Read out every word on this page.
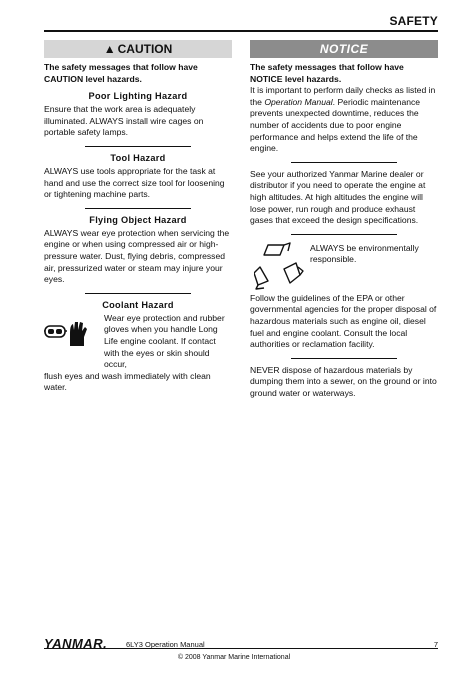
SAFETY
▲ CAUTION

The safety messages that follow have CAUTION level hazards.

Poor Lighting Hazard

Ensure that the work area is adequately illuminated. ALWAYS install wire cages on portable safety lamps.

Tool Hazard

ALWAYS use tools appropriate for the task at hand and use the correct size tool for loosening or tightening machine parts.

Flying Object Hazard

ALWAYS wear eye protection when servicing the engine or when using compressed air or high-pressure water. Dust, flying debris, compressed air, pressurized water or steam may injure your eyes.

Coolant Hazard

Wear eye protection and rubber gloves when you handle Long Life engine coolant. If contact with the eyes or skin should occur,

flush eyes and wash immediately with clean water.

NOTICE

The safety messages that follow have NOTICE level hazards.

It is important to perform daily checks as listed in the Operation Manual. Periodic maintenance prevents unexpected downtime, reduces the number of accidents due to poor engine performance and helps extend the life of the engine.

See your authorized Yanmar Marine dealer or distributor if you need to operate the engine at high altitudes. At high altitudes the engine will lose power, run rough and produce exhaust gases that exceed the design specifications.

ALWAYS be environmentally responsible.

Follow the guidelines of the EPA or other governmental agencies for the proper disposal of hazardous materials such as engine oil, diesel fuel and engine coolant. Consult the local authorities or reclamation facility.

NEVER dispose of hazardous materials by dumping them into a sewer, on the ground or into ground water or waterways.

YANMAR.	6LY3 Operation Manual	7
© 2008 Yanmar Marine International
